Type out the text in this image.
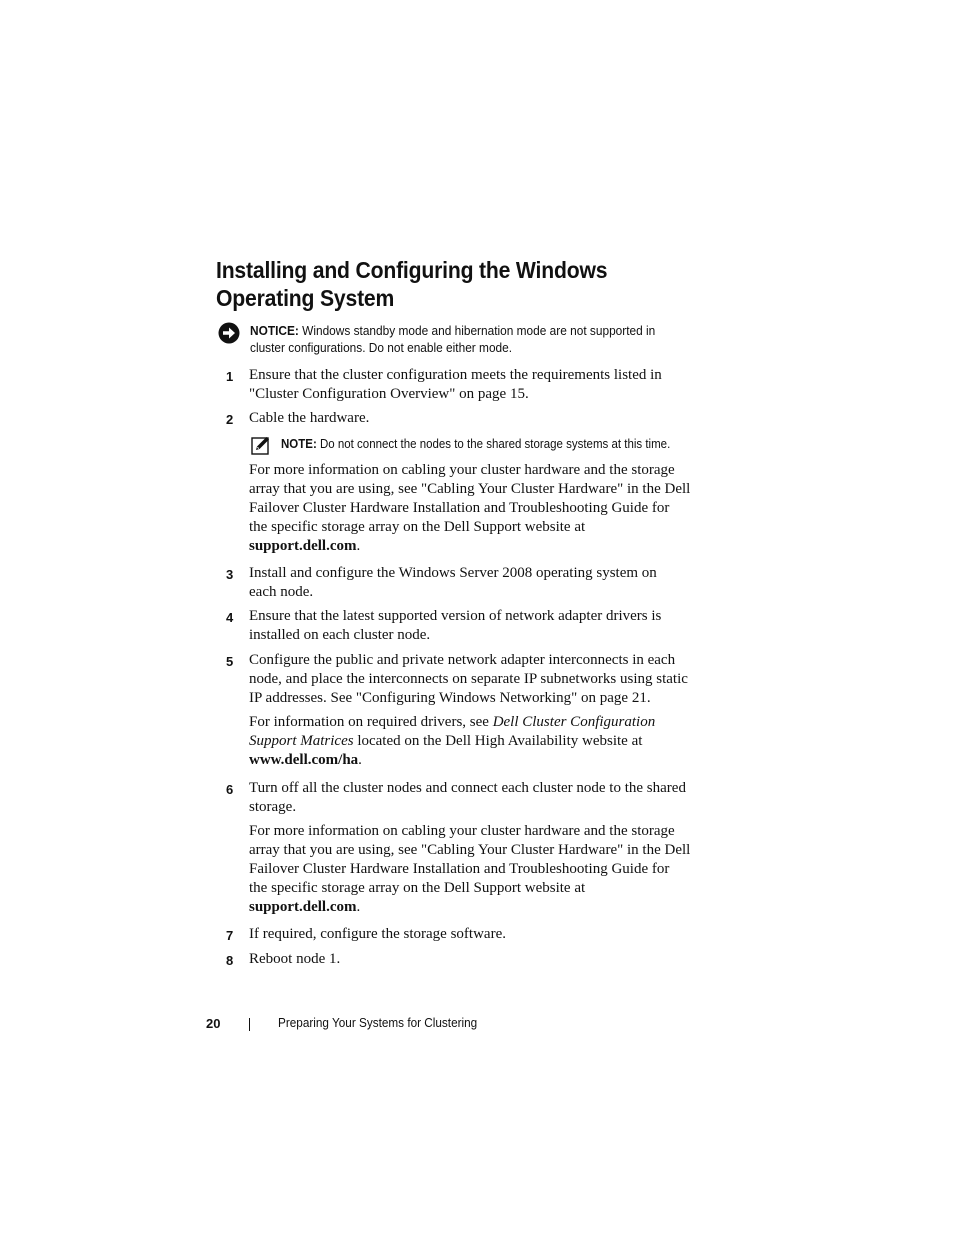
Installing and Configuring the Windows
Operating System
NOTICE: Windows standby mode and hibernation mode are not supported in
cluster configurations. Do not enable either mode.
1 Ensure that the cluster configuration meets the requirements listed in
"Cluster Configuration Overview" on page 15.
2 Cable the hardware.
NOTE: Do not connect the nodes to the shared storage systems at this time.
For more information on cabling your cluster hardware and the storage
array that you are using, see "Cabling Your Cluster Hardware" in the Dell
Failover Cluster Hardware Installation and Troubleshooting Guide for
the specific storage array on the Dell Support website at
support.dell.com.
3 Install and configure the Windows Server 2008 operating system on
each node.
4 Ensure that the latest supported version of network adapter drivers is
installed on each cluster node.
5 Configure the public and private network adapter interconnects in each
node, and place the interconnects on separate IP subnetworks using static
IP addresses. See "Configuring Windows Networking" on page 21.
For information on required drivers, see Dell Cluster Configuration
Support Matrices located on the Dell High Availability website at
www.dell.com/ha.
6 Turn off all the cluster nodes and connect each cluster node to the shared
storage.
For more information on cabling your cluster hardware and the storage
array that you are using, see "Cabling Your Cluster Hardware" in the Dell
Failover Cluster Hardware Installation and Troubleshooting Guide for
the specific storage array on the Dell Support website at
support.dell.com.
7 If required, configure the storage software.
8 Reboot node 1.
20	Preparing Your Systems for Clustering
